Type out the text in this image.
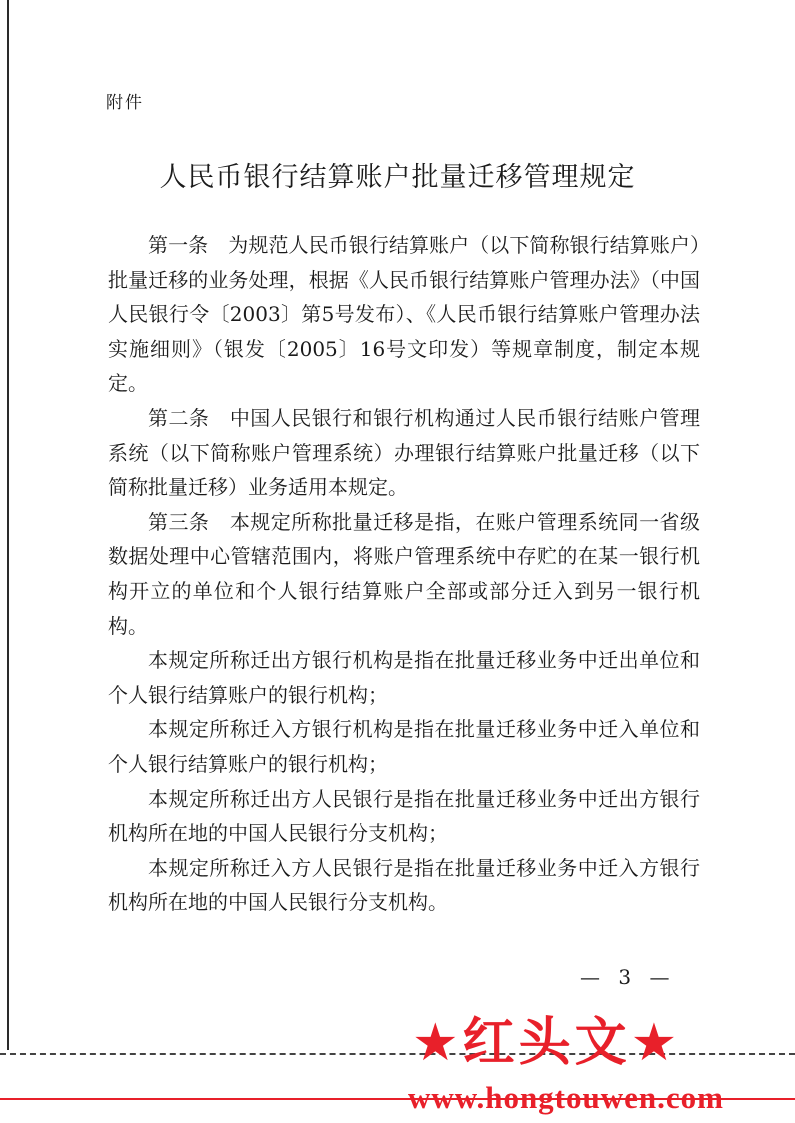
附件
人民币银行结算账户批量迁移管理规定

第一条　为规范人民币银行结算账户（以下简称银行结算账户）批量迁移的业务处理，根据《人民币银行结算账户管理办法》（中国人民银行令〔2003〕第5号发布）、《人民币银行结算账户管理办法实施细则》（银发〔2005〕16号文印发）等规章制度，制定本规定。

第二条　中国人民银行和银行机构通过人民币银行结账户管理系统（以下简称账户管理系统）办理银行结算账户批量迁移（以下简称批量迁移）业务适用本规定。

第三条　本规定所称批量迁移是指，在账户管理系统同一省级数据处理中心管辖范围内，将账户管理系统中存贮的在某一银行机构开立的单位和个人银行结算账户全部或部分迁入到另一银行机构。

本规定所称迁出方银行机构是指在批量迁移业务中迁出单位和个人银行结算账户的银行机构；

本规定所称迁入方银行机构是指在批量迁移业务中迁入单位和个人银行结算账户的银行机构；

本规定所称迁出方人民银行是指在批量迁移业务中迁出方银行机构所在地的中国人民银行分支机构；

本规定所称迁入方人民银行是指在批量迁移业务中迁入方银行机构所在地的中国人民银行分支机构。

— 3 —
★红头文★
www.hongtouwen.com
